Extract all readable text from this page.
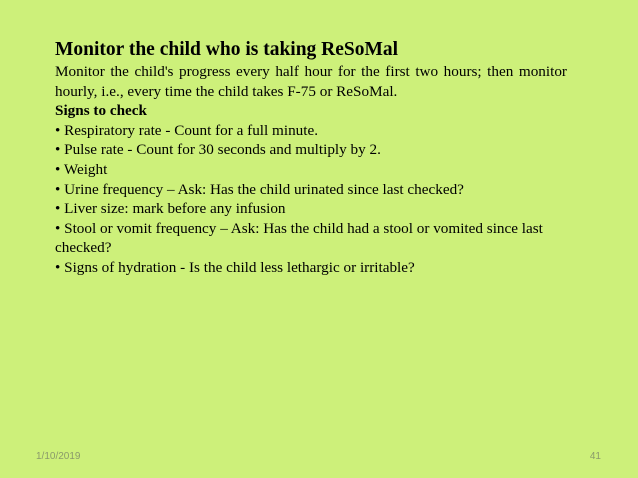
Monitor the child who is taking ReSoMal

Monitor the child's progress every half hour for the first two hours; then monitor hourly, i.e., every time the child takes F-75 or ReSoMal.

Signs to check
• Respiratory rate - Count for a full minute.
• Pulse rate - Count for 30 seconds and multiply by 2.
• Weight
• Urine frequency – Ask: Has the child urinated since last checked?
• Liver size: mark before any infusion
• Stool or vomit frequency – Ask: Has the child had a stool or vomited since last checked?
• Signs of hydration - Is the child less lethargic or irritable?
1/10/2019	41
